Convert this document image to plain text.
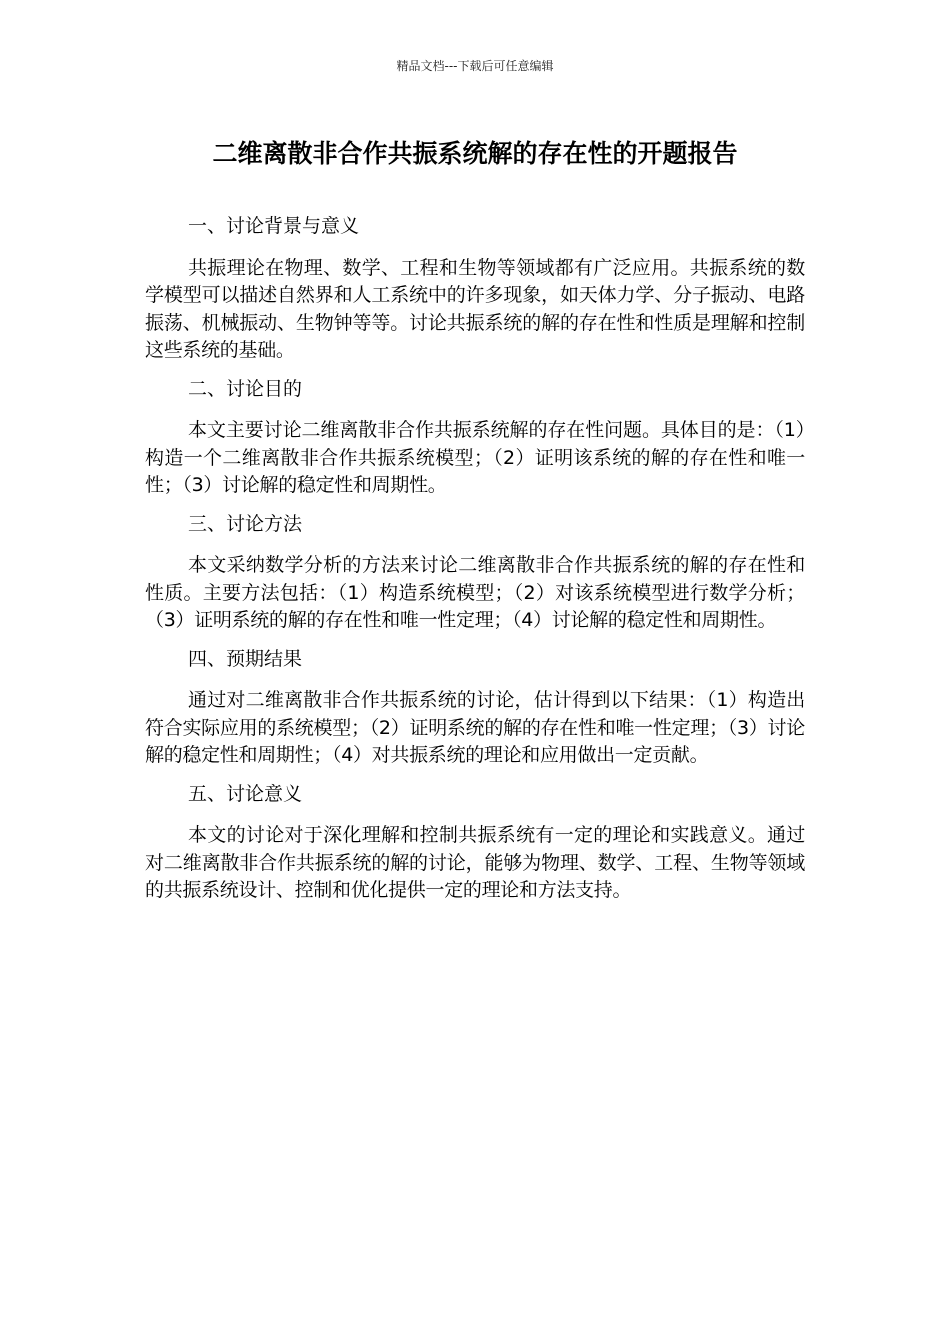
精品文档---下载后可任意编辑
二维离散非合作共振系统解的存在性的开题报告
一、讨论背景与意义
共振理论在物理、数学、工程和生物等领域都有广泛应用。共振系统的数学模型可以描述自然界和人工系统中的许多现象，如天体力学、分子振动、电路振荡、机械振动、生物钟等等。讨论共振系统的解的存在性和性质是理解和控制这些系统的基础。
二、讨论目的
本文主要讨论二维离散非合作共振系统解的存在性问题。具体目的是：（1）构造一个二维离散非合作共振系统模型；（2）证明该系统的解的存在性和唯一性；（3）讨论解的稳定性和周期性。
三、讨论方法
本文采纳数学分析的方法来讨论二维离散非合作共振系统的解的存在性和性质。主要方法包括：（1）构造系统模型；（2）对该系统模型进行数学分析；（3）证明系统的解的存在性和唯一性定理；（4）讨论解的稳定性和周期性。
四、预期结果
通过对二维离散非合作共振系统的讨论，估计得到以下结果：（1）构造出符合实际应用的系统模型；（2）证明系统的解的存在性和唯一性定理；（3）讨论解的稳定性和周期性；（4）对共振系统的理论和应用做出一定贡献。
五、讨论意义
本文的讨论对于深化理解和控制共振系统有一定的理论和实践意义。通过对二维离散非合作共振系统的解的讨论，能够为物理、数学、工程、生物等领域的共振系统设计、控制和优化提供一定的理论和方法支持。
